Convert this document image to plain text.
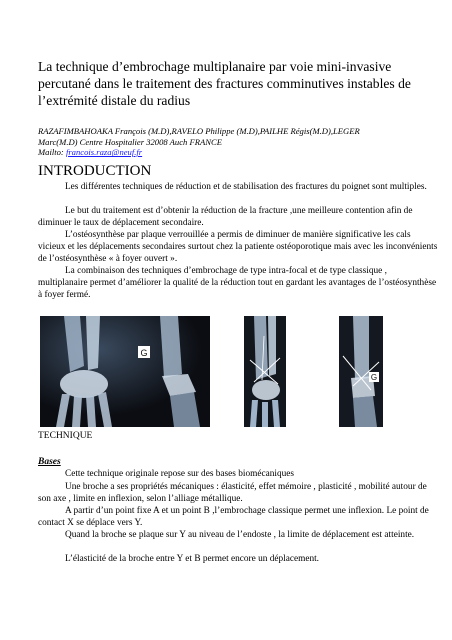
La technique d’embrochage multiplanaire par voie mini-invasive percutané dans le traitement des fractures comminutives instables de l’extrémité distale du radius
RAZAFIMBAHOAKA François (M.D),RAVELO Philippe (M.D),PAILHE Régis(M.D),LEGER
Marc(M.D) Centre Hospitalier 32008 Auch FRANCE
Mailto: francois.raza@neuf.fr
INTRODUCTION

Les différentes techniques de réduction et de stabilisation des fractures du poignet sont multiples.

Le but du traitement est d’obtenir la réduction de la fracture ,une meilleure contention afin de diminuer le taux de déplacement secondaire.

L’ostéosynthèse par plaque verrouillée a permis de diminuer de manière significative les cals vicieux et les déplacements secondaires surtout chez la patiente ostéoporotique mais avec les inconvénients de l’ostéosynthèse « à foyer ouvert ».

La combinaison des techniques d’embrochage de type intra-focal et de type classique , multiplanaire permet d’améliorer la qualité de la réduction tout en gardant les avantages de l’ostéosynthèse à foyer fermé.

G
G
TECHNIQUE
Bases

Cette technique originale repose sur des bases biomécaniques

Une broche a ses propriétés mécaniques : élasticité, effet mémoire , plasticité , mobilité autour de son axe , limite en inflexion, selon l’alliage métallique.

A partir d’un point fixe A et un point B ,l’embrochage classique permet une inflexion. Le point de contact X se déplace vers Y.

Quand la broche se plaque sur Y au niveau de l’endoste , la limite de déplacement est atteinte.

L’élasticité de la broche entre Y et B permet encore un déplacement.
